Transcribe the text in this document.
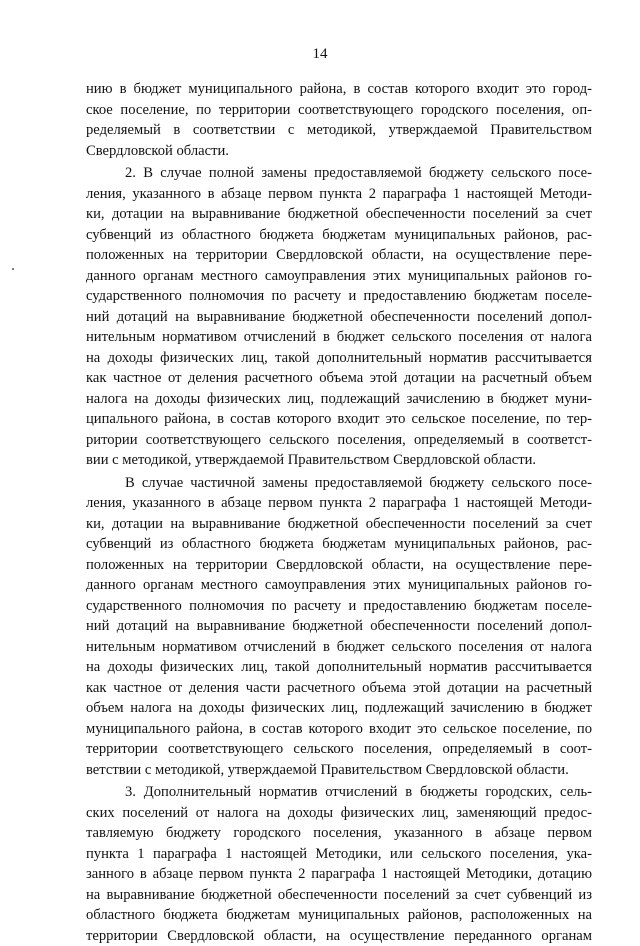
14
нию в бюджет муниципального района, в состав которого входит это город-
ское поселение, по территории соответствующего городского поселения, оп-
ределяемый в соответствии с методикой, утверждаемой Правительством
Свердловской области.
2. В случае полной замены предоставляемой бюджету сельского посе-
ления, указанного в абзаце первом пункта 2 параграфа 1 настоящей Методи-
ки, дотации на выравнивание бюджетной обеспеченности поселений за счет
субвенций из областного бюджета бюджетам муниципальных районов, рас-
положенных на территории Свердловской области, на осуществление пере-
данного органам местного самоуправления этих муниципальных районов го-
сударственного полномочия по расчету и предоставлению бюджетам поселе-
ний дотаций на выравнивание бюджетной обеспеченности поселений допол-
нительным нормативом отчислений в бюджет сельского поселения от налога
на доходы физических лиц, такой дополнительный норматив рассчитывается
как частное от деления расчетного объема этой дотации на расчетный объем
налога на доходы физических лиц, подлежащий зачислению в бюджет муни-
ципального района, в состав которого входит это сельское поселение, по тер-
ритории соответствующего сельского поселения, определяемый в соответст-
вии с методикой, утверждаемой Правительством Свердловской области.
В случае частичной замены предоставляемой бюджету сельского посе-
ления, указанного в абзаце первом пункта 2 параграфа 1 настоящей Методи-
ки, дотации на выравнивание бюджетной обеспеченности поселений за счет
субвенций из областного бюджета бюджетам муниципальных районов, рас-
положенных на территории Свердловской области, на осуществление пере-
данного органам местного самоуправления этих муниципальных районов го-
сударственного полномочия по расчету и предоставлению бюджетам поселе-
ний дотаций на выравнивание бюджетной обеспеченности поселений допол-
нительным нормативом отчислений в бюджет сельского поселения от налога
на доходы физических лиц, такой дополнительный норматив рассчитывается
как частное от деления части расчетного объема этой дотации на расчетный
объем налога на доходы физических лиц, подлежащий зачислению в бюджет
муниципального района, в состав которого входит это сельское поселение, по
территории соответствующего сельского поселения, определяемый в соот-
ветствии с методикой, утверждаемой Правительством Свердловской области.
3. Дополнительный норматив отчислений в бюджеты городских, сель-
ских поселений от налога на доходы физических лиц, заменяющий предос-
тавляемую бюджету городского поселения, указанного в абзаце первом
пункта 1 параграфа 1 настоящей Методики, или сельского поселения, ука-
занного в абзаце первом пункта 2 параграфа 1 настоящей Методики, дотацию
на выравнивание бюджетной обеспеченности поселений за счет субвенций из
областного бюджета бюджетам муниципальных районов, расположенных на
территории Свердловской области, на осуществление переданного органам
